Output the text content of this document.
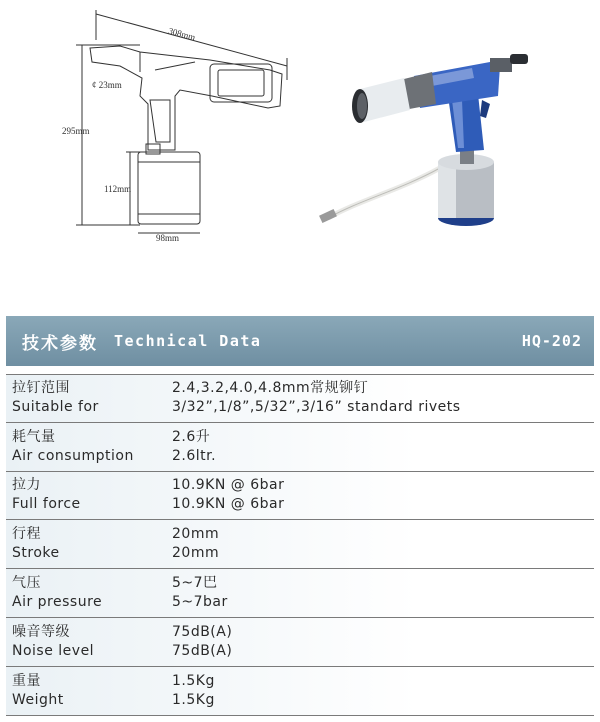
308mm
¢ 23mm
295mm
112mm
98mm
技术参数 Technical Data	HQ-202
拉钉范围
Suitable for
2.4,3.2,4.0,4.8mm常规铆钉
3/32”,1/8”,5/32”,3/16” standard rivets
耗气量
Air consumption
2.6升
2.6ltr.
拉力
Full force
10.9KN @ 6bar
10.9KN @ 6bar
行程
Stroke
20mm
20mm
气压
Air pressure
5~7巴
5~7bar
噪音等级
Noise level
75dB(A)
75dB(A)
重量
Weight
1.5Kg
1.5Kg
